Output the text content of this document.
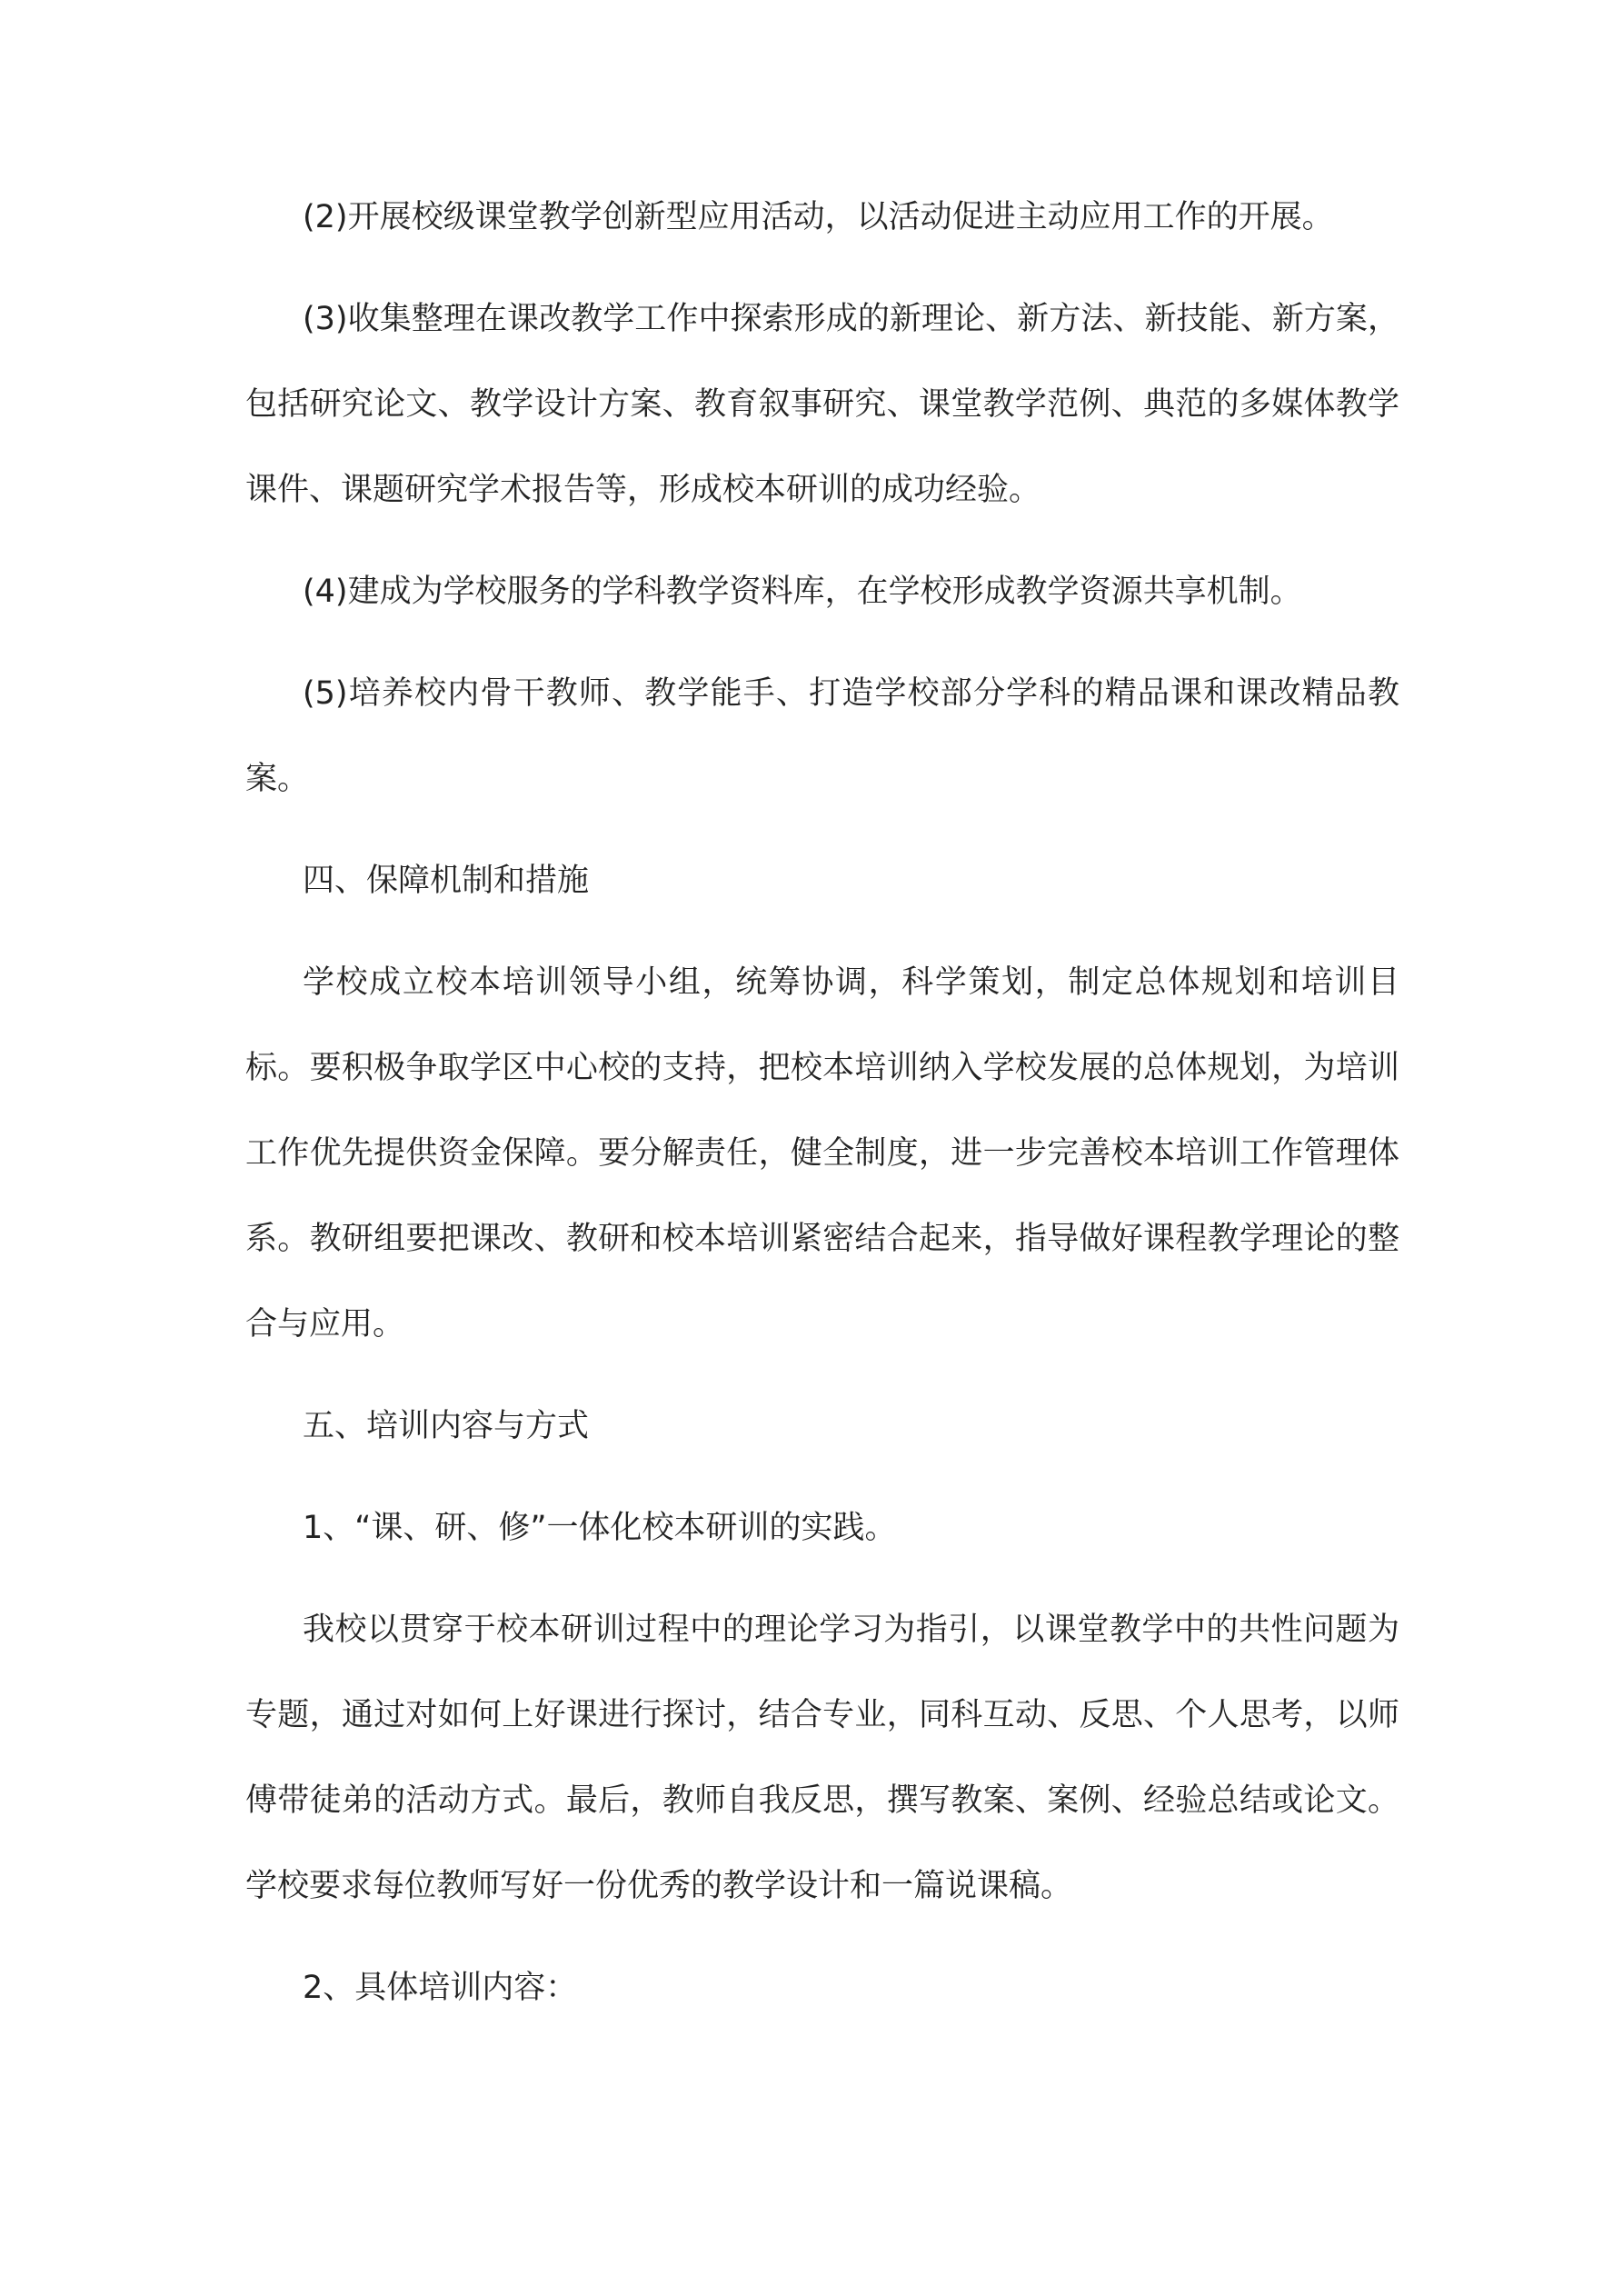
(2)开展校级课堂教学创新型应用活动，以活动促进主动应用工作的开展。

(3)收集整理在课改教学工作中探索形成的新理论、新方法、新技能、新方案，包括研究论文、教学设计方案、教育叙事研究、课堂教学范例、典范的多媒体教学课件、课题研究学术报告等，形成校本研训的成功经验。

(4)建成为学校服务的学科教学资料库，在学校形成教学资源共享机制。

(5)培养校内骨干教师、教学能手、打造学校部分学科的精品课和课改精品教案。

四、保障机制和措施

学校成立校本培训领导小组，统筹协调，科学策划，制定总体规划和培训目标。要积极争取学区中心校的支持，把校本培训纳入学校发展的总体规划，为培训工作优先提供资金保障。要分解责任，健全制度，进一步完善校本培训工作管理体系。教研组要把课改、教研和校本培训紧密结合起来，指导做好课程教学理论的整合与应用。

五、培训内容与方式

1、“课、研、修”一体化校本研训的实践。

我校以贯穿于校本研训过程中的理论学习为指引，以课堂教学中的共性问题为专题，通过对如何上好课进行探讨，结合专业，同科互动、反思、个人思考，以师傅带徒弟的活动方式。最后，教师自我反思，撰写教案、案例、经验总结或论文。学校要求每位教师写好一份优秀的教学设计和一篇说课稿。

2、具体培训内容：
